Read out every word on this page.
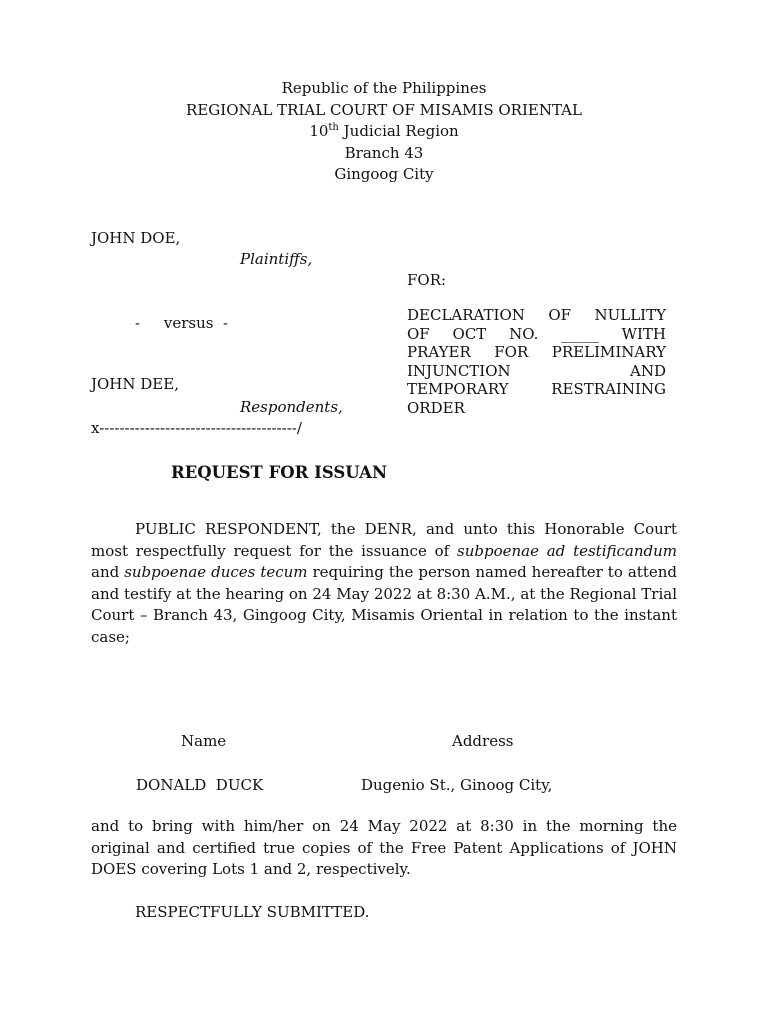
Republic of the Philippines
REGIONAL TRIAL COURT OF MISAMIS ORIENTAL
10th Judicial Region
Branch 43
Gingoog City
JOHN DOE,
Plaintiffs,
-     versus  -
JOHN DEE,
Respondents,
x---------------------------------------/
FOR:
DECLARATION OF NULLITY
OF OCT NO. _____ WITH
PRAYER FOR PRELIMINARY
INJUNCTION AND
TEMPORARY RESTRAINING
ORDER
REQUEST FOR ISSUAN
PUBLIC RESPONDENT, the DENR, and unto this Honorable Court
most respectfully request for the issuance of subpoenae ad testificandum
and subpoenae duces tecum requiring the person named hereafter to attend
and testify at the hearing on 24 May 2022 at 8:30 A.M., at the Regional Trial
Court – Branch 43, Gingoog City, Misamis Oriental in relation to the instant
case;
Name	Address
DONALD  DUCK	Dugenio St., Ginoog City,
and to bring with him/her on 24 May 2022 at 8:30 in the morning the
original and certified true copies of the Free Patent Applications of JOHN
DOES covering Lots 1 and 2, respectively.
RESPECTFULLY SUBMITTED.
